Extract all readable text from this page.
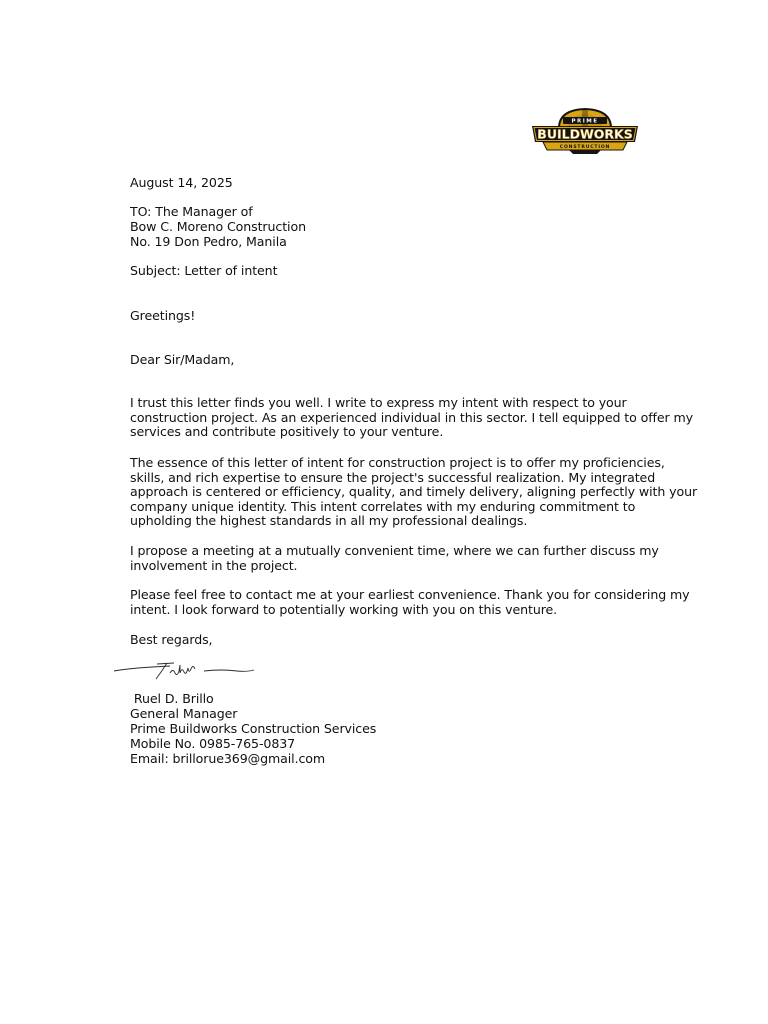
PRIME
BUILDWORKS
CONSTRUCTION
August 14, 2025
TO: The Manager of
Bow C. Moreno Construction
No. 19 Don Pedro, Manila
Subject: Letter of intent
Greetings!
Dear Sir/Madam,
I trust this letter finds you well. I write to express my intent with respect to your
construction project. As an experienced individual in this sector. I tell equipped to offer my
services and contribute positively to your venture.
The essence of this letter of intent for construction project is to offer my proficiencies,
skills, and rich expertise to ensure the project's successful realization. My integrated
approach is centered or efficiency, quality, and timely delivery, aligning perfectly with your
company unique identity. This intent correlates with my enduring commitment to
upholding the highest standards in all my professional dealings.
I propose a meeting at a mutually convenient time, where we can further discuss my
involvement in the project.
Please feel free to contact me at your earliest convenience. Thank you for considering my
intent. I look forward to potentially working with you on this venture.
Best regards,
Ruel D. Brillo
General Manager
Prime Buildworks Construction Services
Mobile No. 0985-765-0837
Email: brillorue369@gmail.com
